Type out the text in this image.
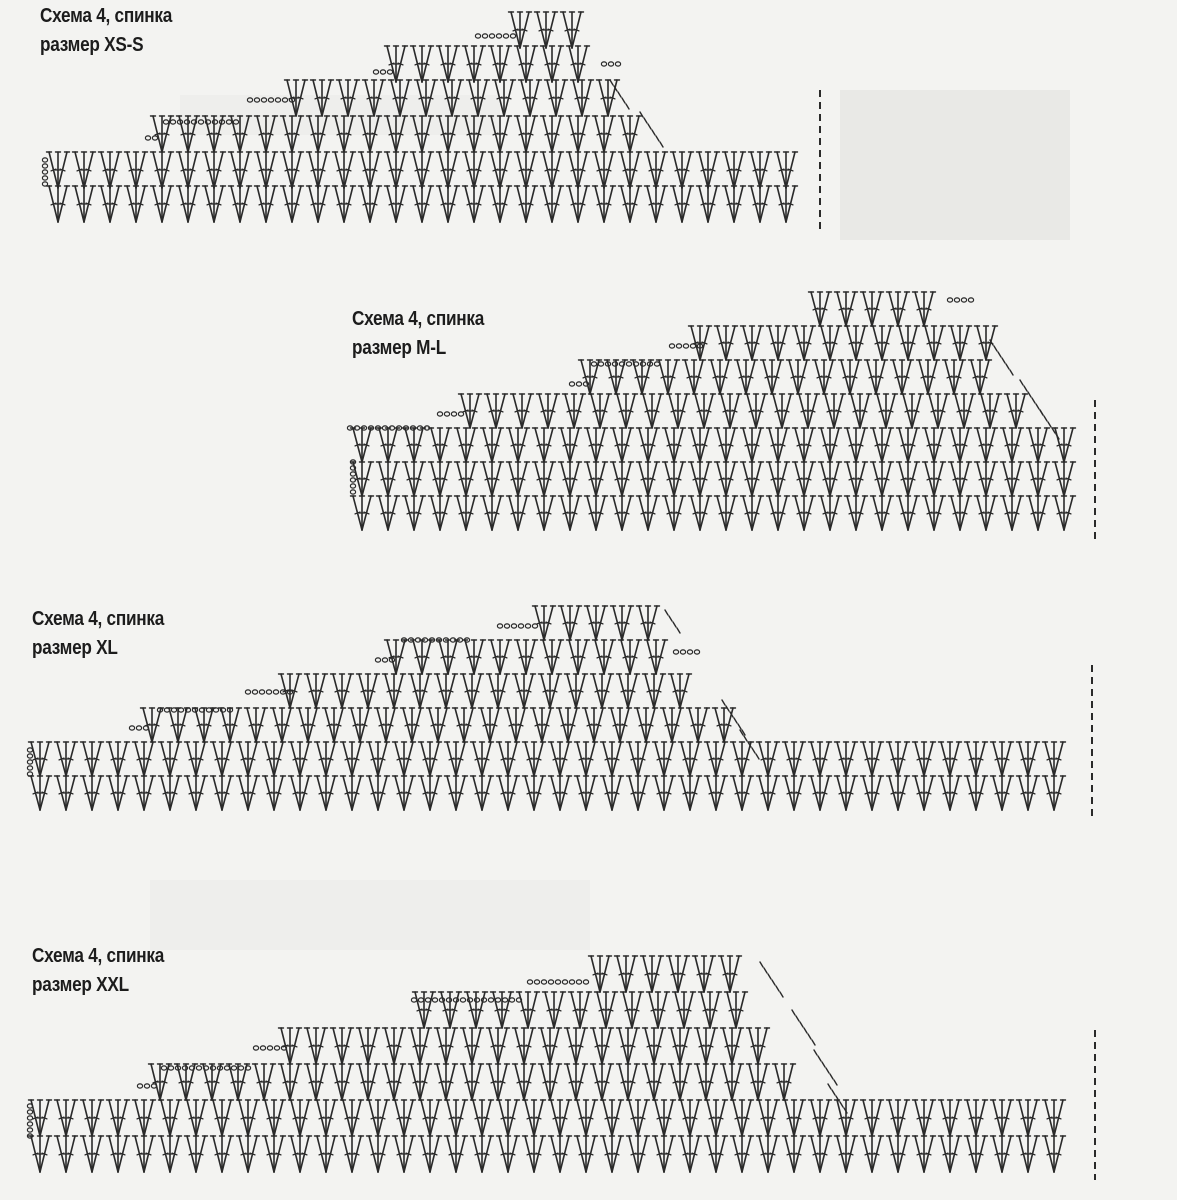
Схема 4, спинка
размер XS-S
Схема 4, спинка
размер M-L
Схема 4, спинка
размер XL
Схема 4, спинка
размер XXL
